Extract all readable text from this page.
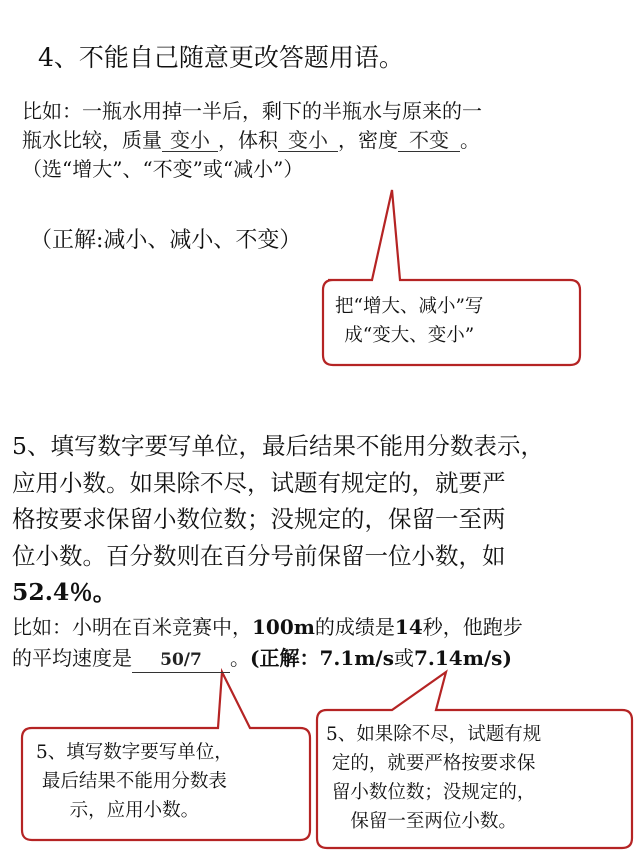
4、不能自己随意更改答题用语。
比如：一瓶水用掉一半后，剩下的半瓶水与原来的一
瓶水比较，质量 变小 ，体积 变小 ，密度 不变 。
（选“增大”、“不变”或“减小”）
（正解:减小、减小、不变）
把“增大、减小”写
成“变大、变小”
5、填写数字要写单位，最后结果不能用分数表示，
应用小数。如果除不尽，试题有规定的，就要严
格按要求保留小数位数；没规定的，保留一至两
位小数。百分数则在百分号前保留一位小数，如
52.4％。
比如：小明在百米竞赛中，100m的成绩是14秒，他跑步
的平均速度是 50/7 。(正解：7.1m/s或7.14m/s)
5、填写数字要写单位，
最后结果不能用分数表
示，应用小数。
5、如果除不尽，试题有规
定的，就要严格按要求保
留小数位数；没规定的，
保留一至两位小数。
